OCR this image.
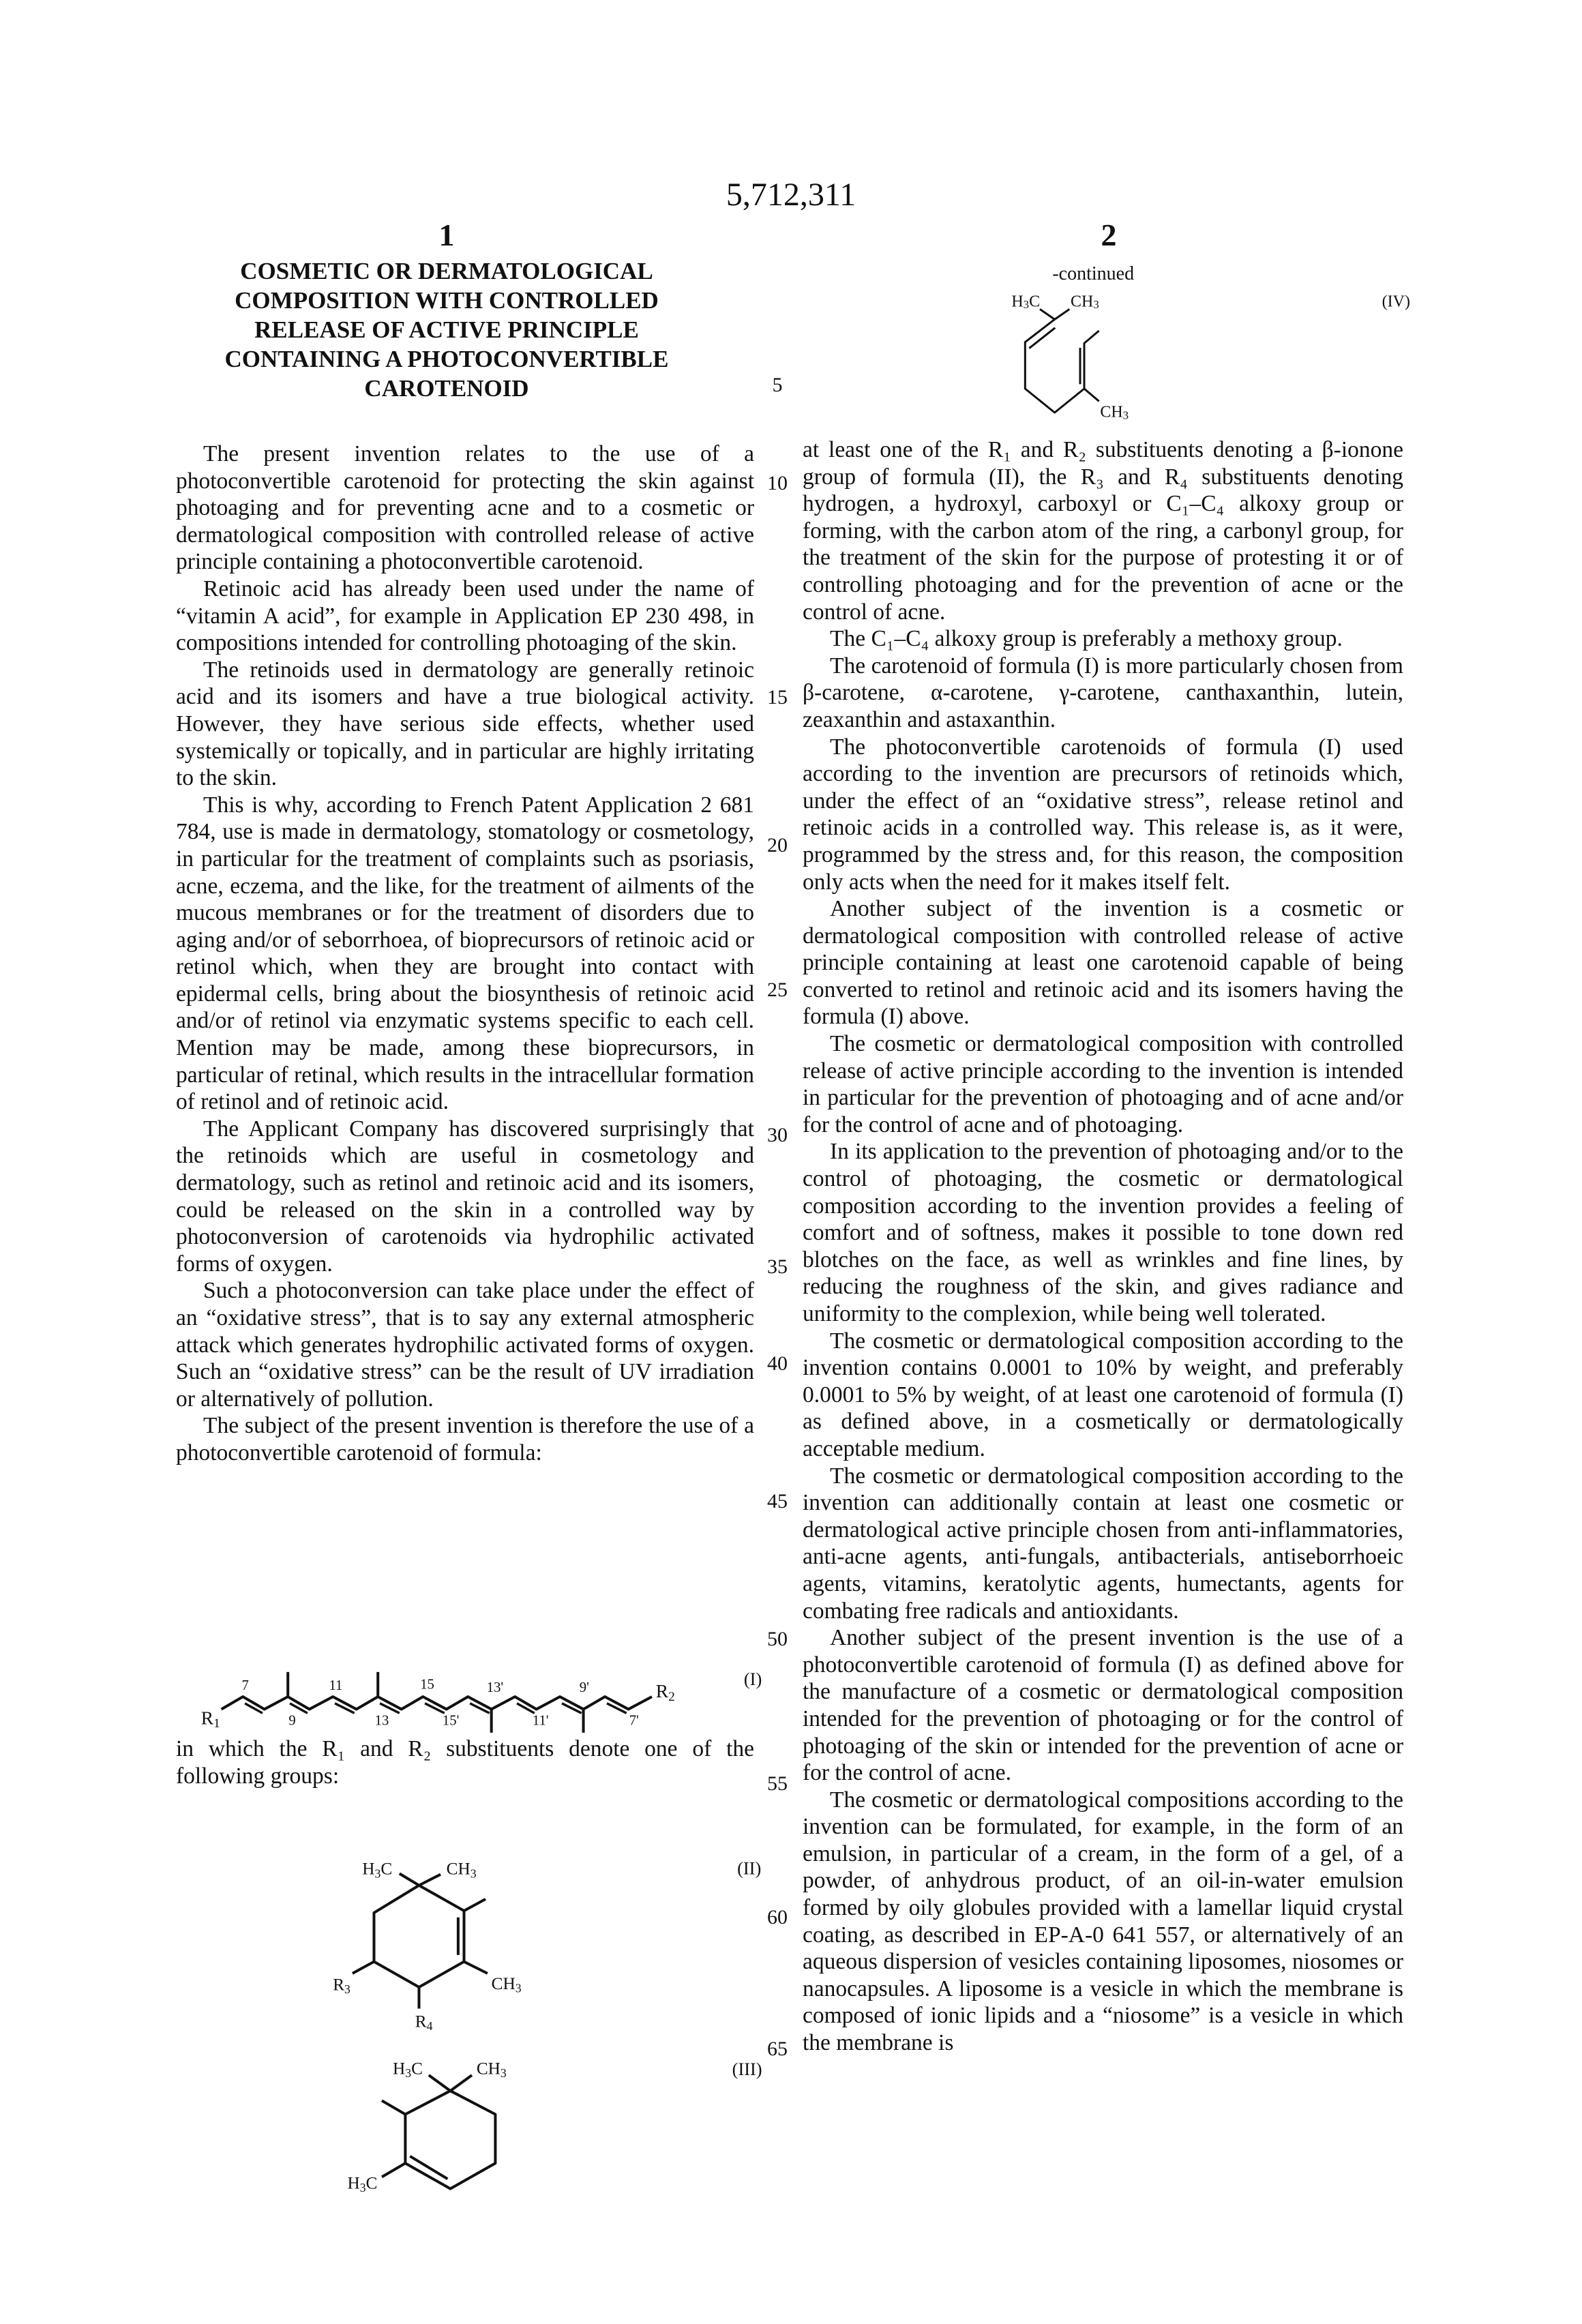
5,712,311
1	2
COSMETIC OR DERMATOLOGICAL COMPOSITION WITH CONTROLLED RELEASE OF ACTIVE PRINCIPLE CONTAINING A PHOTOCONVERTIBLE CAROTENOID

The present invention relates to the use of a photoconvertible carotenoid for protecting the skin against photoaging and for preventing acne and to a cosmetic or dermatological composition with controlled release of active principle containing a photoconvertible carotenoid.

Retinoic acid has already been used under the name of “vitamin A acid”, for example in Application EP 230 498, in compositions intended for controlling photoaging of the skin.

The retinoids used in dermatology are generally retinoic acid and its isomers and have a true biological activity. However, they have serious side effects, whether used systemically or topically, and in particular are highly irritating to the skin.

This is why, according to French Patent Application 2 681 784, use is made in dermatology, stomatology or cosmetology, in particular for the treatment of complaints such as psoriasis, acne, eczema, and the like, for the treatment of ailments of the mucous membranes or for the treatment of disorders due to aging and/or of seborrhoea, of bioprecursors of retinoic acid or retinol which, when they are brought into contact with epidermal cells, bring about the biosynthesis of retinoic acid and/or of retinol via enzymatic systems specific to each cell. Mention may be made, among these bioprecursors, in particular of retinal, which results in the intracellular formation of retinol and of retinoic acid.

The Applicant Company has discovered surprisingly that the retinoids which are useful in cosmetology and dermatology, such as retinol and retinoic acid and its isomers, could be released on the skin in a controlled way by photoconversion of carotenoids via hydrophilic activated forms of oxygen.

Such a photoconversion can take place under the effect of an “oxidative stress”, that is to say any external atmospheric attack which generates hydrophilic activated forms of oxygen. Such an “oxidative stress” can be the result of UV irradiation or alternatively of pollution.

The subject of the present invention is therefore the use of a photoconvertible carotenoid of formula:

in which the R₁ and R₂ substituents denote one of the following groups:

R1
R2
7	11	15 13'	9'
9	13 15'	11'	7'
(I)
H3C CH3
CH3
R3
R4
(II)
H3C CH3
H3C
(III)
-continued
H3C CH3
CH3
(IV)

at least one of the R₁ and R₂ substituents denoting a β-ionone group of formula (II), the R₃ and R₄ substituents denoting hydrogen, a hydroxyl, carboxyl or C₁–C₄ alkoxy group or forming, with the carbon atom of the ring, a carbonyl group, for the treatment of the skin for the purpose of protesting it or of controlling photoaging and for the prevention of acne or the control of acne.

The C₁–C₄ alkoxy group is preferably a methoxy group.

The carotenoid of formula (I) is more particularly chosen from β-carotene, α-carotene, γ-carotene, canthaxanthin, lutein, zeaxanthin and astaxanthin.

The photoconvertible carotenoids of formula (I) used according to the invention are precursors of retinoids which, under the effect of an “oxidative stress”, release retinol and retinoic acids in a controlled way. This release is, as it were, programmed by the stress and, for this reason, the composition only acts when the need for it makes itself felt.

Another subject of the invention is a cosmetic or dermatological composition with controlled release of active principle containing at least one carotenoid capable of being converted to retinol and retinoic acid and its isomers having the formula (I) above.

The cosmetic or dermatological composition with controlled release of active principle according to the invention is intended in particular for the prevention of photoaging and of acne and/or for the control of acne and of photoaging.

In its application to the prevention of photoaging and/or to the control of photoaging, the cosmetic or dermatological composition according to the invention provides a feeling of comfort and of softness, makes it possible to tone down red blotches on the face, as well as wrinkles and fine lines, by reducing the roughness of the skin, and gives radiance and uniformity to the complexion, while being well tolerated.

The cosmetic or dermatological composition according to the invention contains 0.0001 to 10% by weight, and preferably 0.0001 to 5% by weight, of at least one carotenoid of formula (I) as defined above, in a cosmetically or dermatologically acceptable medium.

The cosmetic or dermatological composition according to the invention can additionally contain at least one cosmetic or dermatological active principle chosen from anti-inflammatories, anti-acne agents, anti-fungals, antibacterials, antiseborrhoeic agents, vitamins, keratolytic agents, humectants, agents for combating free radicals and antioxidants.

Another subject of the present invention is the use of a photoconvertible carotenoid of formula (I) as defined above for the manufacture of a cosmetic or dermatological composition intended for the prevention of photoaging or for the control of photoaging of the skin or intended for the prevention of acne or for the control of acne.

The cosmetic or dermatological compositions according to the invention can be formulated, for example, in the form of an emulsion, in particular of a cream, in the form of a gel, of a powder, of anhydrous product, of an oil-in-water emulsion formed by oily globules provided with a lamellar liquid crystal coating, as described in EP-A-0 641 557, or alternatively of an aqueous dispersion of vesicles containing liposomes, niosomes or nanocapsules. A liposome is a vesicle in which the membrane is composed of ionic lipids and a “niosome” is a vesicle in which the membrane is

5
10
15
20
25
30
35
40
45
50
55
60
65
